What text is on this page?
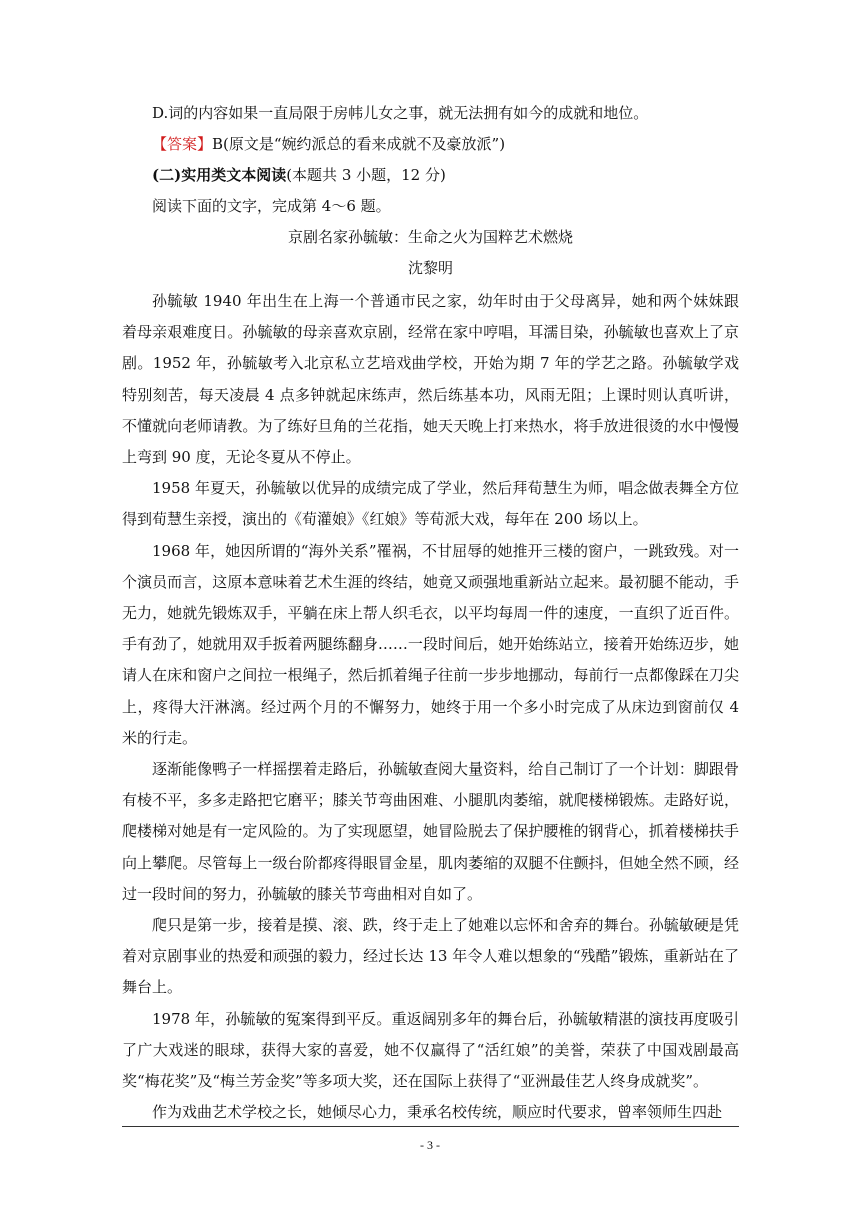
D.词的内容如果一直局限于房帏儿女之事，就无法拥有如今的成就和地位。

【答案】B(原文是“婉约派总的看来成就不及豪放派”)

(二)实用类文本阅读(本题共 3 小题，12 分)

阅读下面的文字，完成第 4～6 题。

京剧名家孙毓敏：生命之火为国粹艺术燃烧

沈黎明

孙毓敏 1940 年出生在上海一个普通市民之家，幼年时由于父母离异，她和两个妹妹跟着母亲艰难度日。孙毓敏的母亲喜欢京剧，经常在家中哼唱，耳濡目染，孙毓敏也喜欢上了京剧。1952 年，孙毓敏考入北京私立艺培戏曲学校，开始为期 7 年的学艺之路。孙毓敏学戏特别刻苦，每天凌晨 4 点多钟就起床练声，然后练基本功，风雨无阻；上课时则认真听讲，不懂就向老师请教。为了练好旦角的兰花指，她天天晚上打来热水，将手放进很烫的水中慢慢上弯到 90 度，无论冬夏从不停止。

1958 年夏天，孙毓敏以优异的成绩完成了学业，然后拜荀慧生为师，唱念做表舞全方位得到荀慧生亲授，演出的《荀灌娘》《红娘》等荀派大戏，每年在 200 场以上。

1968 年，她因所谓的“海外关系”罹祸，不甘屈辱的她推开三楼的窗户，一跳致残。对一个演员而言，这原本意味着艺术生涯的终结，她竟又顽强地重新站立起来。最初腿不能动，手无力，她就先锻炼双手，平躺在床上帮人织毛衣，以平均每周一件的速度，一直织了近百件。手有劲了，她就用双手扳着两腿练翻身……一段时间后，她开始练站立，接着开始练迈步，她请人在床和窗户之间拉一根绳子，然后抓着绳子往前一步步地挪动，每前行一点都像踩在刀尖上，疼得大汗淋漓。经过两个月的不懈努力，她终于用一个多小时完成了从床边到窗前仅 4 米的行走。

逐渐能像鸭子一样摇摆着走路后，孙毓敏查阅大量资料，给自己制订了一个计划：脚跟骨有棱不平，多多走路把它磨平；膝关节弯曲困难、小腿肌肉萎缩，就爬楼梯锻炼。走路好说，爬楼梯对她是有一定风险的。为了实现愿望，她冒险脱去了保护腰椎的钢背心，抓着楼梯扶手向上攀爬。尽管每上一级台阶都疼得眼冒金星，肌肉萎缩的双腿不住颤抖，但她全然不顾，经过一段时间的努力，孙毓敏的膝关节弯曲相对自如了。

爬只是第一步，接着是摸、滚、跌，终于走上了她难以忘怀和舍弃的舞台。孙毓敏硬是凭着对京剧事业的热爱和顽强的毅力，经过长达 13 年令人难以想象的“残酷”锻炼，重新站在了舞台上。

1978 年，孙毓敏的冤案得到平反。重返阔别多年的舞台后，孙毓敏精湛的演技再度吸引了广大戏迷的眼球，获得大家的喜爱，她不仅赢得了“活红娘”的美誉，荣获了中国戏剧最高奖“梅花奖”及“梅兰芳金奖”等多项大奖，还在国际上获得了“亚洲最佳艺人终身成就奖”。

作为戏曲艺术学校之长，她倾尽心力，秉承名校传统，顺应时代要求，曾率领师生四赴

- 3 -
